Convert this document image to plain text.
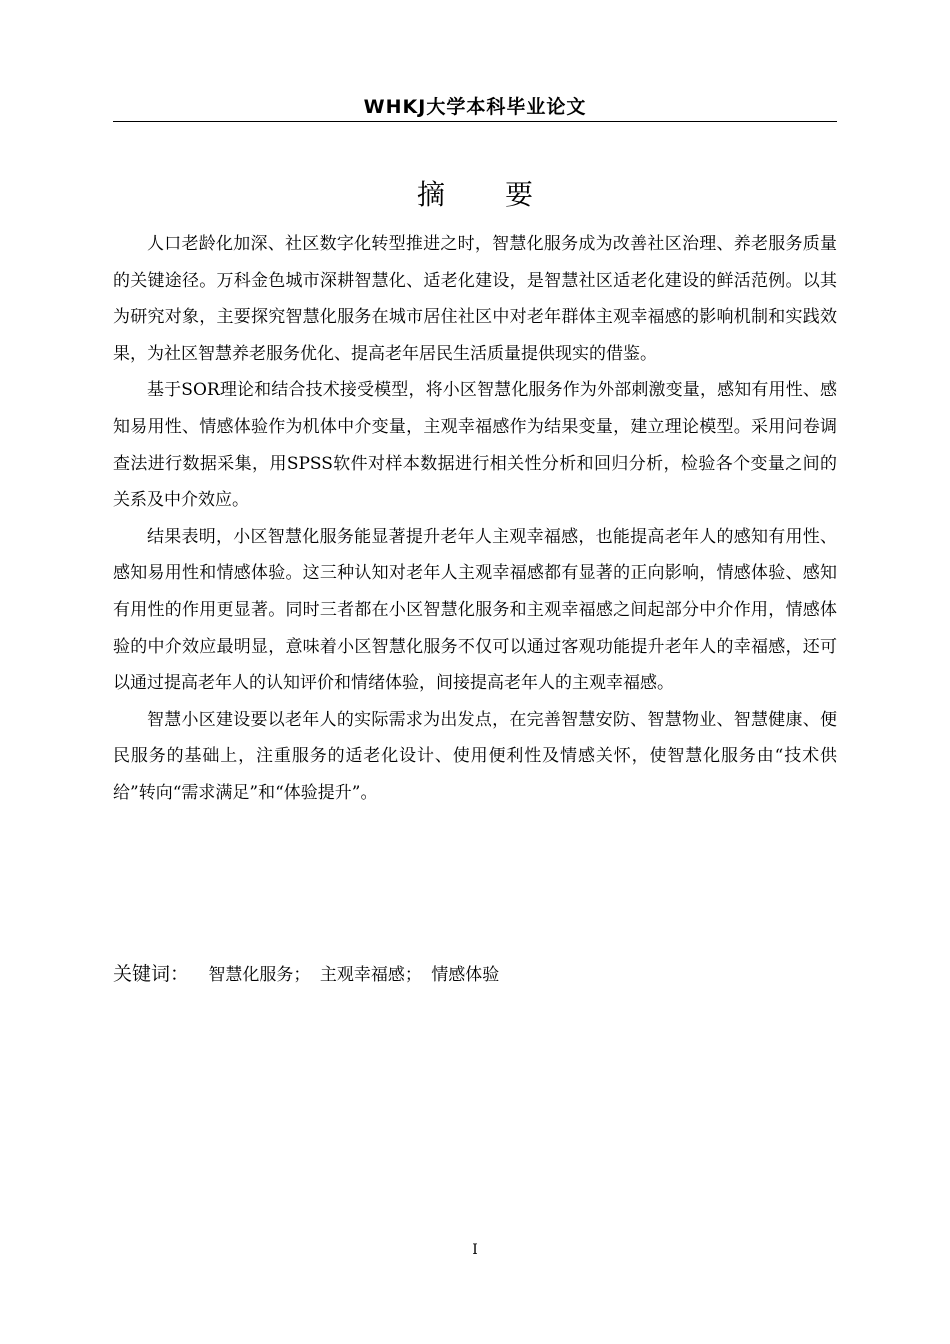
WHKJ大学本科毕业论文
摘 要

人口老龄化加深、社区数字化转型推进之时，智慧化服务成为改善社区治理、养老服务质量的关键途径。万科金色城市深耕智慧化、适老化建设，是智慧社区适老化建设的鲜活范例。以其为研究对象，主要探究智慧化服务在城市居住社区中对老年群体主观幸福感的影响机制和实践效果，为社区智慧养老服务优化、提高老年居民生活质量提供现实的借鉴。

基于SOR理论和结合技术接受模型，将小区智慧化服务作为外部刺激变量，感知有用性、感知易用性、情感体验作为机体中介变量，主观幸福感作为结果变量，建立理论模型。采用问卷调查法进行数据采集，用SPSS软件对样本数据进行相关性分析和回归分析，检验各个变量之间的关系及中介效应。

结果表明，小区智慧化服务能显著提升老年人主观幸福感，也能提高老年人的感知有用性、感知易用性和情感体验。这三种认知对老年人主观幸福感都有显著的正向影响，情感体验、感知有用性的作用更显著。同时三者都在小区智慧化服务和主观幸福感之间起部分中介作用，情感体验的中介效应最明显，意味着小区智慧化服务不仅可以通过客观功能提升老年人的幸福感，还可以通过提高老年人的认知评价和情绪体验，间接提高老年人的主观幸福感。

智慧小区建设要以老年人的实际需求为出发点，在完善智慧安防、智慧物业、智慧健康、便民服务的基础上，注重服务的适老化设计、使用便利性及情感关怀，使智慧化服务由“技术供给”转向“需求满足”和“体验提升”。

关键词： 智慧化服务； 主观幸福感； 情感体验
I
